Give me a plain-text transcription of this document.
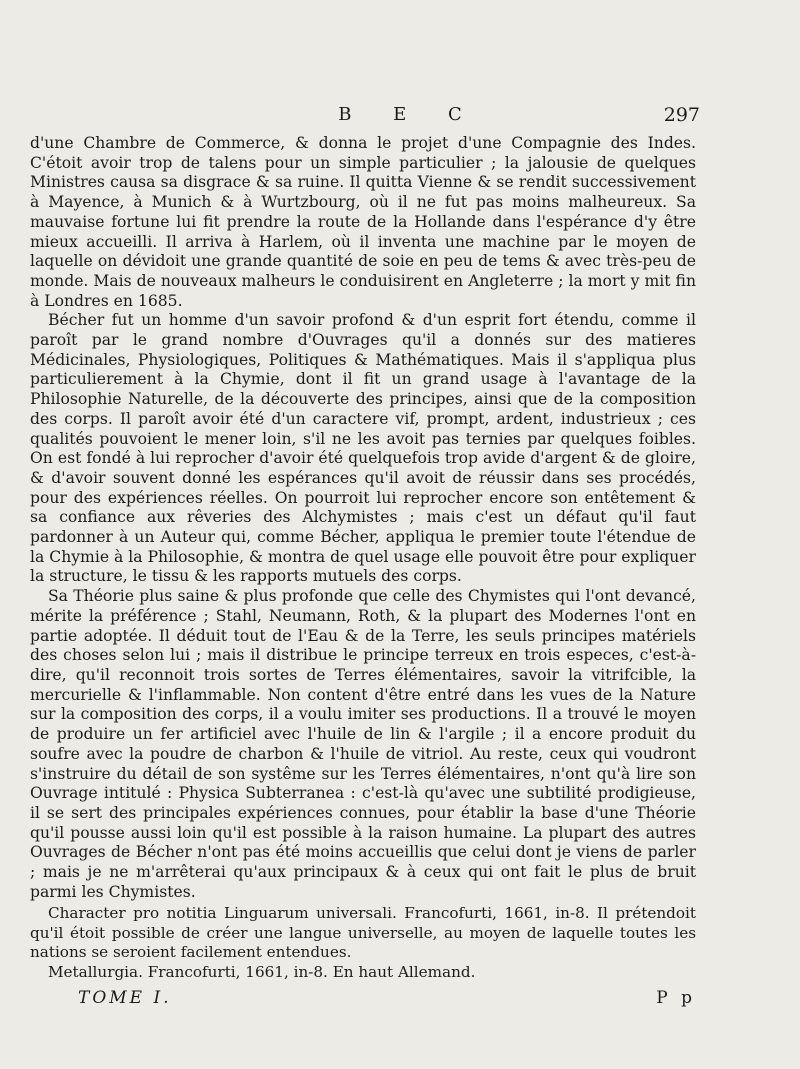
B E C	297

d'une Chambre de Commerce, & donna le projet d'une Compagnie des Indes. C'étoit avoir trop de talens pour un simple particulier ; la jalousie de quelques Ministres causa sa disgrace & sa ruine. Il quitta Vienne & se rendit successivement à Mayence, à Munich & à Wurtzbourg, où il ne fut pas moins malheureux. Sa mauvaise fortune lui fit prendre la route de la Hollande dans l'espérance d'y être mieux accueilli. Il arriva à Harlem, où il inventa une machine par le moyen de laquelle on dévidoit une grande quantité de soie en peu de tems & avec très-peu de monde. Mais de nouveaux malheurs le conduisirent en Angleterre ; la mort y mit fin à Londres en 1685.

Bécher fut un homme d'un savoir profond & d'un esprit fort étendu, comme il paroît par le grand nombre d'Ouvrages qu'il a donnés sur des matieres Médicinales, Physiologiques, Politiques & Mathématiques. Mais il s'appliqua plus particulierement à la Chymie, dont il fit un grand usage à l'avantage de la Philosophie Naturelle, de la découverte des principes, ainsi que de la composition des corps. Il paroît avoir été d'un caractere vif, prompt, ardent, industrieux ; ces qualités pouvoient le mener loin, s'il ne les avoit pas ternies par quelques foibles. On est fondé à lui reprocher d'avoir été quelquefois trop avide d'argent & de gloire, & d'avoir souvent donné les espérances qu'il avoit de réussir dans ses procédés, pour des expériences réelles. On pourroit lui reprocher encore son entêtement & sa confiance aux rêveries des Alchymistes ; mais c'est un défaut qu'il faut pardonner à un Auteur qui, comme Bécher, appliqua le premier toute l'étendue de la Chymie à la Philosophie, & montra de quel usage elle pouvoit être pour expliquer la structure, le tissu & les rapports mutuels des corps.

Sa Théorie plus saine & plus profonde que celle des Chymistes qui l'ont devancé, mérite la préférence ; Stahl, Neumann, Roth, & la plupart des Modernes l'ont en partie adoptée. Il déduit tout de l'Eau & de la Terre, les seuls principes matériels des choses selon lui ; mais il distribue le principe terreux en trois especes, c'est-à-dire, qu'il reconnoit trois sortes de Terres élémentaires, savoir la vitrifcible, la mercurielle & l'inflammable. Non content d'être entré dans les vues de la Nature sur la composition des corps, il a voulu imiter ses productions. Il a trouvé le moyen de produire un fer artificiel avec l'huile de lin & l'argile ; il a encore produit du soufre avec la poudre de charbon & l'huile de vitriol. Au reste, ceux qui voudront s'instruire du détail de son systême sur les Terres élémentaires, n'ont qu'à lire son Ouvrage intitulé : Physica Subterranea : c'est-là qu'avec une subtilité prodigieuse, il se sert des principales expériences connues, pour établir la base d'une Théorie qu'il pousse aussi loin qu'il est possible à la raison humaine. La plupart des autres Ouvrages de Bécher n'ont pas été moins accueillis que celui dont je viens de parler ; mais je ne m'arrêterai qu'aux principaux & à ceux qui ont fait le plus de bruit parmi les Chymistes.

Character pro notitia Linguarum universali. Francofurti, 1661, in-8. Il prétendoit qu'il étoit possible de créer une langue universelle, au moyen de laquelle toutes les nations se seroient facilement entendues.

Metallurgia. Francofurti, 1661, in-8. En haut Allemand.

TOME I.	P p
